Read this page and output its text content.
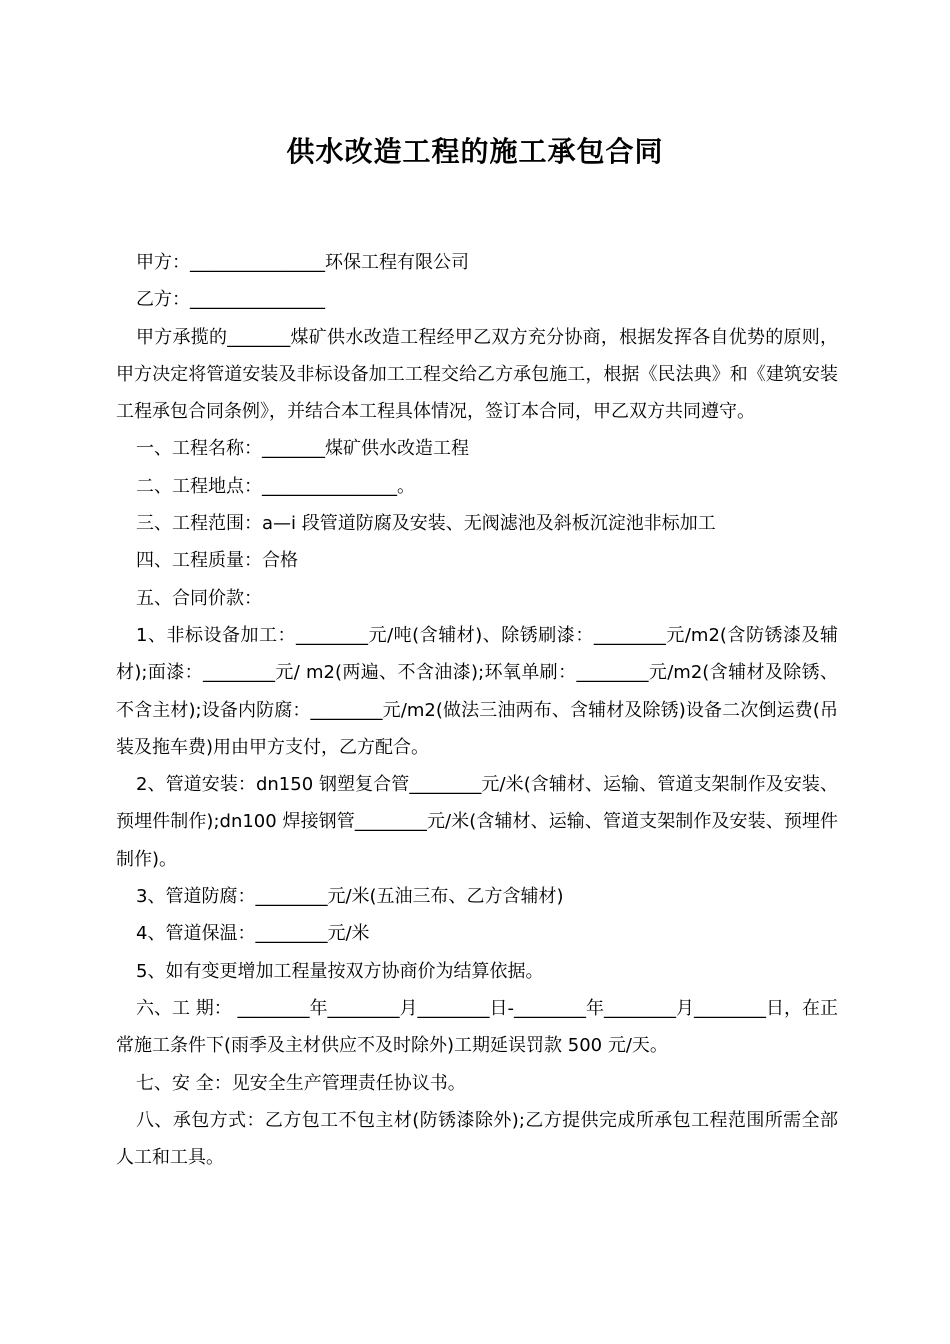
供水改造工程的施工承包合同

甲方：_______________环保工程有限公司

乙方：_______________

甲方承揽的_______煤矿供水改造工程经甲乙双方充分协商，根据发挥各自优势的原则，甲方决定将管道安装及非标设备加工工程交给乙方承包施工，根据《民法典》和《建筑安装工程承包合同条例》，并结合本工程具体情况，签订本合同，甲乙双方共同遵守。

一、工程名称：_______煤矿供水改造工程

二、工程地点：_______________。

三、工程范围：a—i 段管道防腐及安装、无阀滤池及斜板沉淀池非标加工

四、工程质量：合格

五、合同价款：

1、非标设备加工：________元/吨(含辅材)、除锈刷漆：________元/m2(含防锈漆及辅材);面漆：________元/ m2(两遍、不含油漆);环氧单刷：________元/m2(含辅材及除锈、不含主材);设备内防腐：________元/m2(做法三油两布、含辅材及除锈)设备二次倒运费(吊装及拖车费)用由甲方支付，乙方配合。

2、管道安装：dn150 钢塑复合管________元/米(含辅材、运输、管道支架制作及安装、预埋件制作);dn100 焊接钢管________元/米(含辅材、运输、管道支架制作及安装、预埋件制作)。

3、管道防腐：________元/米(五油三布、乙方含辅材)

4、管道保温：________元/米

5、如有变更增加工程量按双方协商价为结算依据。

六、工 期： ________年________月________日-________年________月________日，在正常施工条件下(雨季及主材供应不及时除外)工期延误罚款 500 元/天。

七、安 全：见安全生产管理责任协议书。

八、承包方式：乙方包工不包主材(防锈漆除外);乙方提供完成所承包工程范围所需全部人工和工具。
